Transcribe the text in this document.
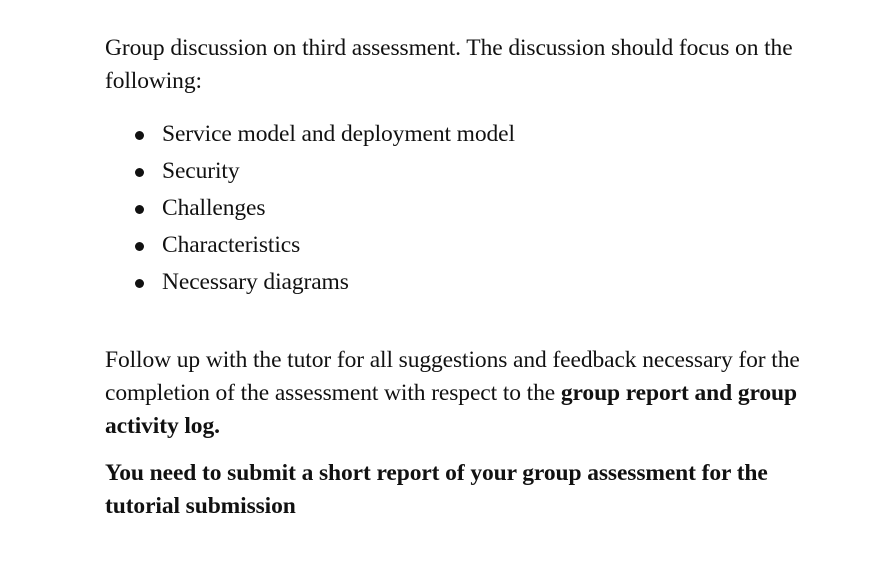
Group discussion on third assessment. The discussion should focus on the following:

Service model and deployment model
Security
Challenges
Characteristics
Necessary diagrams

Follow up with the tutor for all suggestions and feedback necessary for the completion of the assessment with respect to the group report and group activity log.

You need to submit a short report of your group assessment for the tutorial submission
